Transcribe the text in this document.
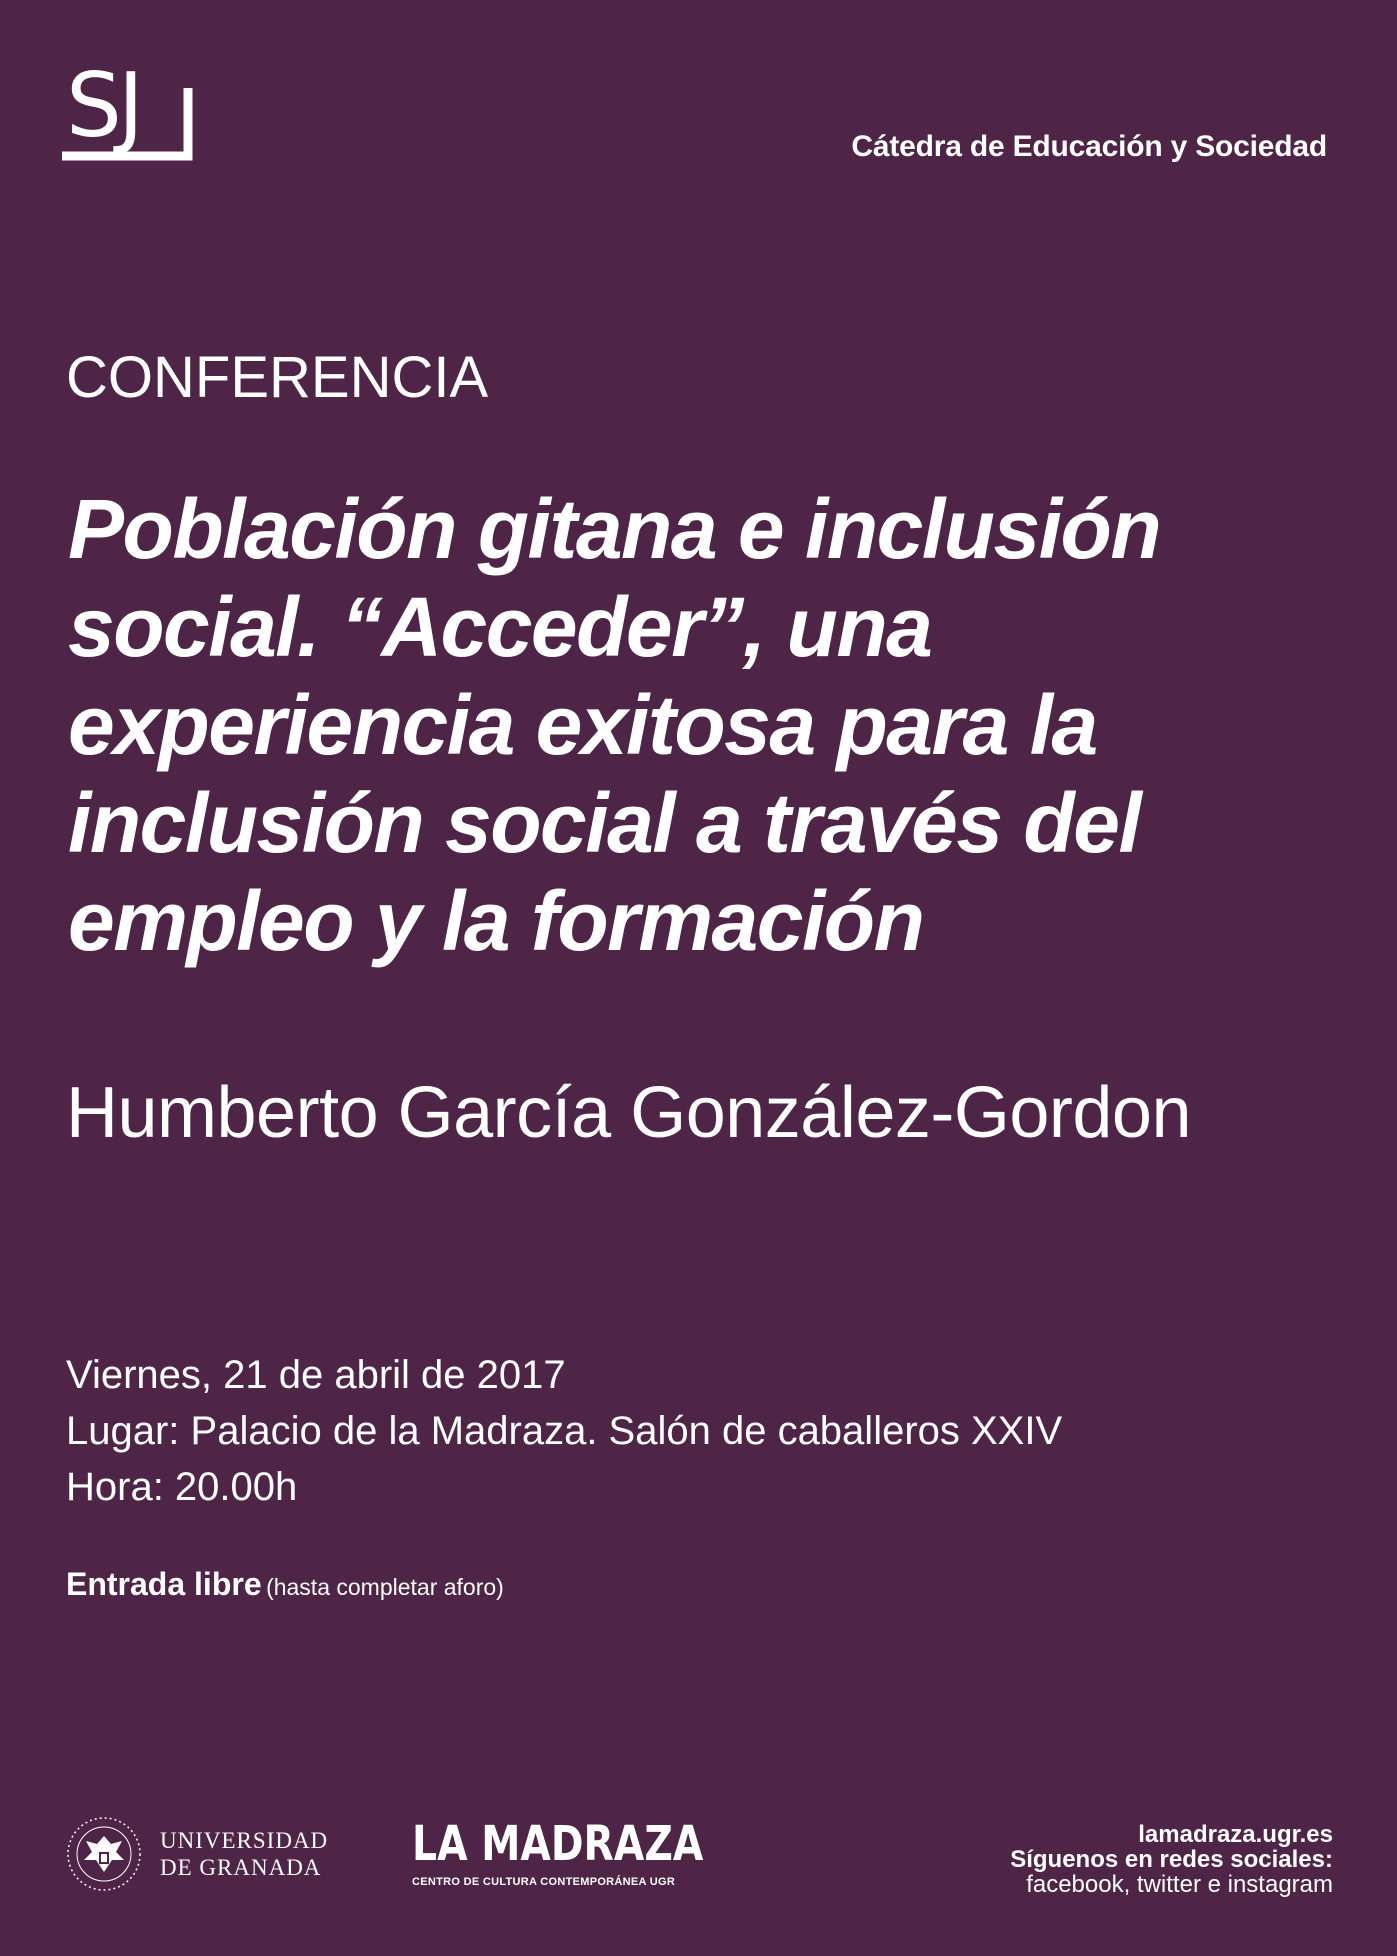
SJ	Cátedra de Educación y Sociedad
CONFERENCIA
Población gitana e inclusión
social. “Acceder”, una
experiencia exitosa para la
inclusión social a través del
empleo y la formación
Humberto García González-Gordon
Viernes, 21 de abril de 2017
Lugar: Palacio de la Madraza. Salón de caballeros XXIV
Hora: 20.00h
Entrada libre (hasta completar aforo)
UNIVERSIDAD
DE GRANADA LA MADRAZA
CENTRO DE CULTURA CONTEMPORÁNEA UGR
lamadraza.ugr.es
Síguenos en redes sociales:
facebook, twitter e instagram
